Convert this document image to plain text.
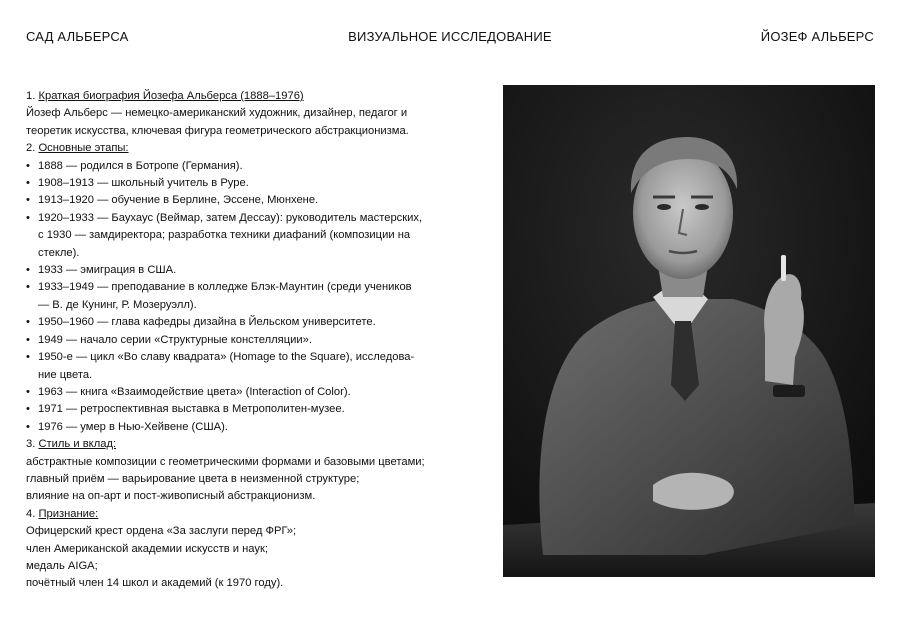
САД АЛЬБЕРСА	ВИЗУАЛЬНОЕ ИССЛЕДОВАНИЕ	ЙОЗЕФ АЛЬБЕРС
1. Краткая биография Йозефа Альберса (1888–1976)
Йозеф Альберс — немецко-американский художник, дизайнер, педагог и
теоретик искусства, ключевая фигура геометрического абстракционизма.
2. Основные этапы:
• 1888 — родился в Ботропе (Германия).
• 1908–1913 — школьный учитель в Руре.
• 1913–1920 — обучение в Берлине, Эссене, Мюнхене.
• 1920–1933 — Баухаус (Веймар, затем Дессау): руководитель мастерских,
с 1930 — замдиректора; разработка техники диафаний (композиции на
стекле).
• 1933 — эмиграция в США.
• 1933–1949 — преподавание в колледже Блэк-Маунтин (среди учеников
— В. де Кунинг, Р. Мозеруэлл).
• 1950–1960 — глава кафедры дизайна в Йельском университете.
• 1949 — начало серии «Структурные констелляции».
• 1950-е — цикл «Во славу квадрата» (Homage to the Square), исследова-
ние цвета.
• 1963 — книга «Взаимодействие цвета» (Interaction of Color).
• 1971 — ретроспективная выставка в Метрополитен-музее.
• 1976 — умер в Нью-Хейвене (США).
3. Стиль и вклад:
абстрактные композиции с геометрическими формами и базовыми цветами;
главный приём — варьирование цвета в неизменной структуре;
влияние на оп-арт и пост-живописный абстракционизм.
4. Признание:
Офицерский крест ордена «За заслуги перед ФРГ»;
член Американской академии искусств и наук;
медаль AIGA;
почётный член 14 школ и академий (к 1970 году).
